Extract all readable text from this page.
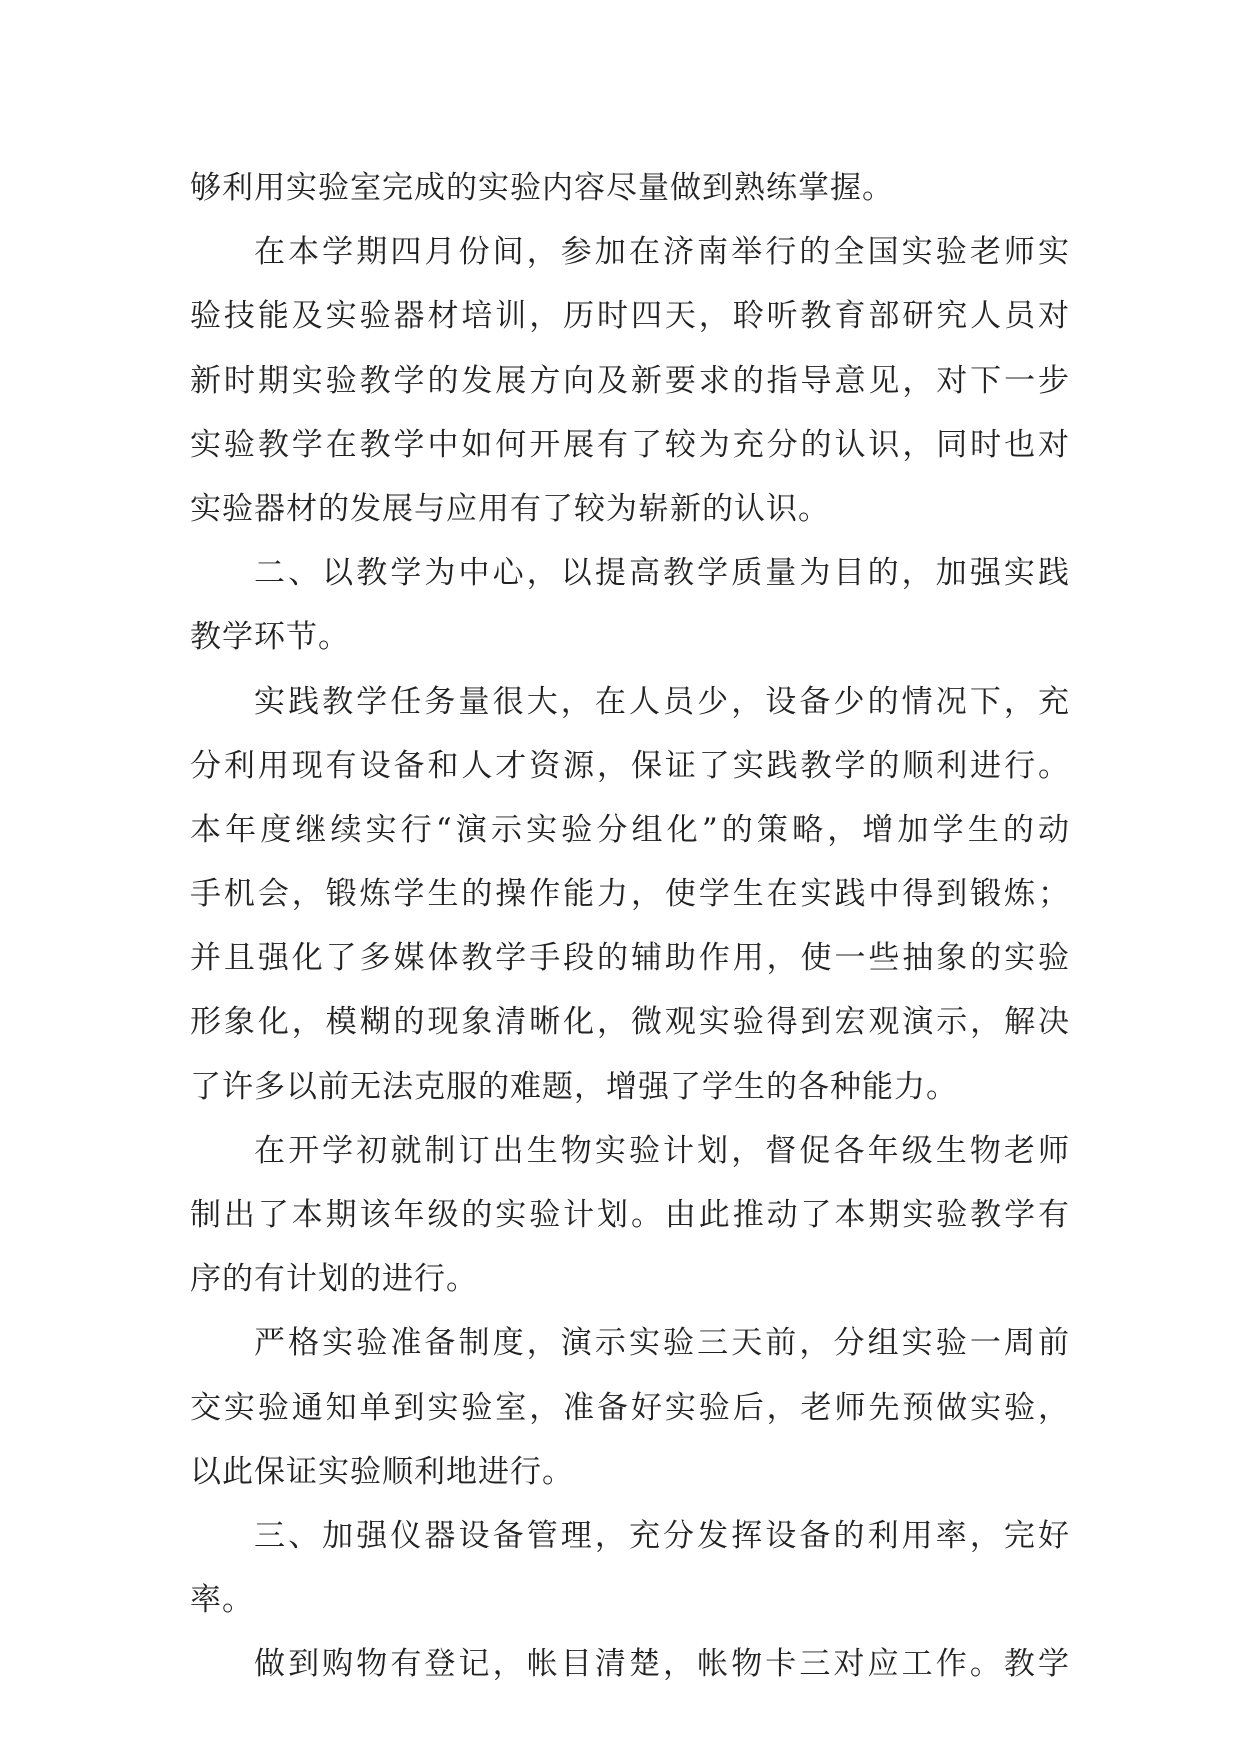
够利用实验室完成的实验内容尽量做到熟练掌握。
在本学期四月份间，参加在济南举行的全国实验老师实
验技能及实验器材培训，历时四天，聆听教育部研究人员对
新时期实验教学的发展方向及新要求的指导意见，对下一步
实验教学在教学中如何开展有了较为充分的认识，同时也对
实验器材的发展与应用有了较为崭新的认识。
二、以教学为中心，以提高教学质量为目的，加强实践
教学环节。
实践教学任务量很大，在人员少，设备少的情况下，充
分利用现有设备和人才资源，保证了实践教学的顺利进行。
本年度继续实行“演示实验分组化”的策略，增加学生的动
手机会，锻炼学生的操作能力，使学生在实践中得到锻炼；
并且强化了多媒体教学手段的辅助作用，使一些抽象的实验
形象化，模糊的现象清晰化，微观实验得到宏观演示，解决
了许多以前无法克服的难题，增强了学生的各种能力。
在开学初就制订出生物实验计划，督促各年级生物老师
制出了本期该年级的实验计划。由此推动了本期实验教学有
序的有计划的进行。
严格实验准备制度，演示实验三天前，分组实验一周前
交实验通知单到实验室，准备好实验后，老师先预做实验，
以此保证实验顺利地进行。
三、加强仪器设备管理，充分发挥设备的利用率，完好
率。
做到购物有登记，帐目清楚，帐物卡三对应工作。教学
